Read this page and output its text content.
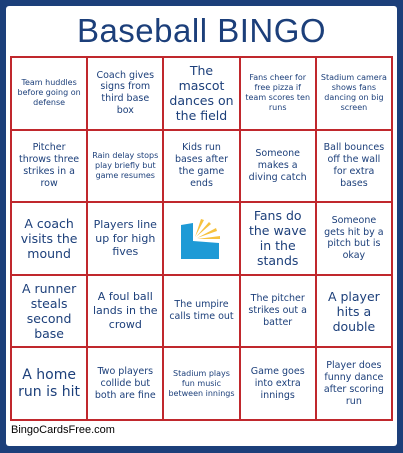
Baseball BINGO
Team huddles before going on defense
Coach gives signs from third base box
The mascot dances on the field
Fans cheer for free pizza if team scores ten runs
Stadium camera shows fans dancing on big screen
Pitcher throws three strikes in a row
Rain delay stops play briefly but game resumes
Kids run bases after the game ends
Someone makes a diving catch
Ball bounces off the wall for extra bases
A coach visits the mound
Players line up for high fives
Fans do the wave in the stands
Someone gets hit by a pitch but is okay
A runner steals second base
A foul ball lands in the crowd
The umpire calls time out
The pitcher strikes out a batter
A player hits a double
A home run is hit
Two players collide but both are fine
Stadium plays fun music between innings
Game goes into extra innings
Player does funny dance after scoring run
BingoCardsFree.com
